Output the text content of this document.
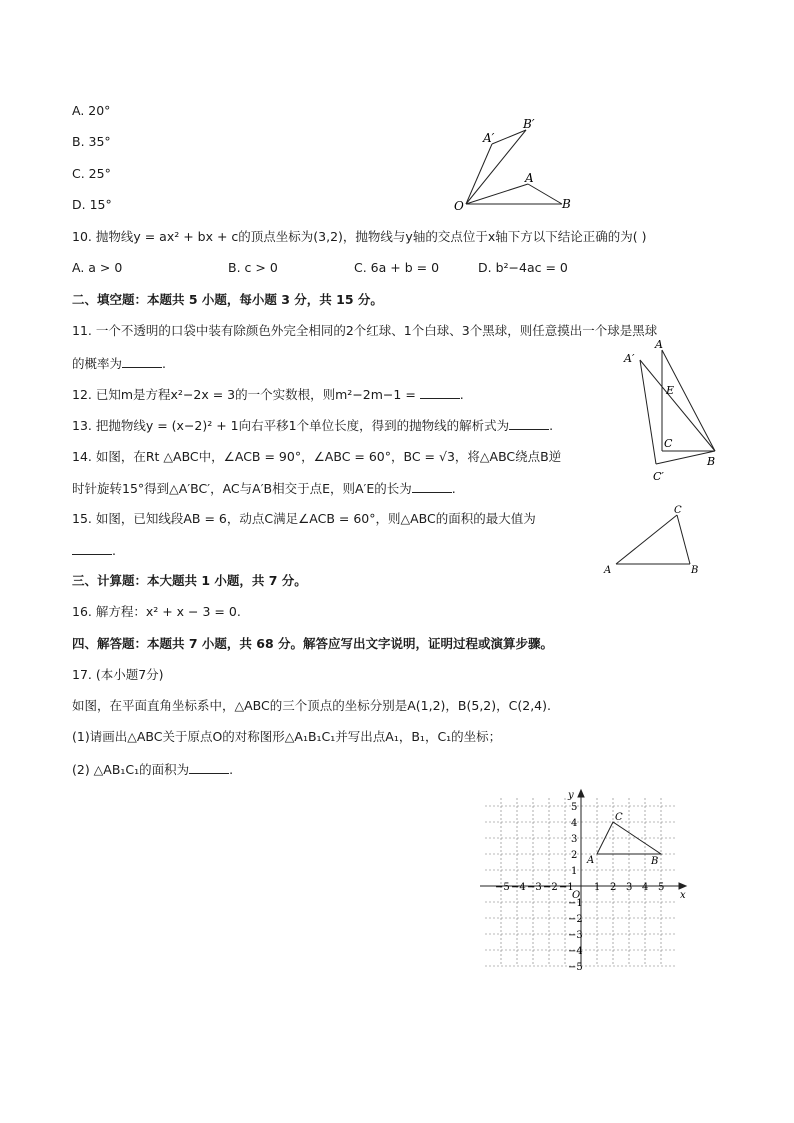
A. 20°
B. 35°
C. 25°
D. 15°
A′
B′
A
B
O
10. 抛物线y = ax² + bx + c的顶点坐标为(3,2)，抛物线与y轴的交点位于x轴下方以下结论正确的为( )
A. a > 0	B. c > 0	C. 6a + b = 0	D. b²−4ac = 0
二、填空题：本题共 5 小题，每小题 3 分，共 15 分。
11. 一个不透明的口袋中装有除颜色外完全相同的2个红球、1个白球、3个黑球，则任意摸出一个球是黑球
的概率为	.
12. 已知m是方程x²−2x = 3的一个实数根，则m²−2m−1 =	.
13. 把抛物线y = (x−2)² + 1向右平移1个单位长度，得到的抛物线的解析式为	.
14. 如图，在Rt △ABC中，∠ACB = 90°，∠ABC = 60°，BC = √3，将△ABC绕点B逆
时针旋转15°得到△A′BC′，AC与A′B相交于点E，则A′E的长为	.
A
A′
E
C
B
C′
15. 如图，已知线段AB = 6，动点C满足∠ACB = 60°，则△ABC的面积的最大值为
.
A	B
C
三、计算题：本大题共 1 小题，共 7 分。
16. 解方程：x² + x − 3 = 0.
四、解答题：本题共 7 小题，共 68 分。解答应写出文字说明，证明过程或演算步骤。
17. (本小题7分)
如图，在平面直角坐标系中，△ABC的三个顶点的坐标分别是A(1,2)，B(5,2)，C(2,4).
(1)请画出△ABC关于原点O的对称图形△A₁B₁C₁并写出点A₁，B₁，C₁的坐标；
(2) △AB₁C₁的面积为	.
−5 −4 −3 −2 −1 1 2 3 4 5
5
4
3
2
1
−1
−2
−3
−4
−5
A	B
C
O	x
y
